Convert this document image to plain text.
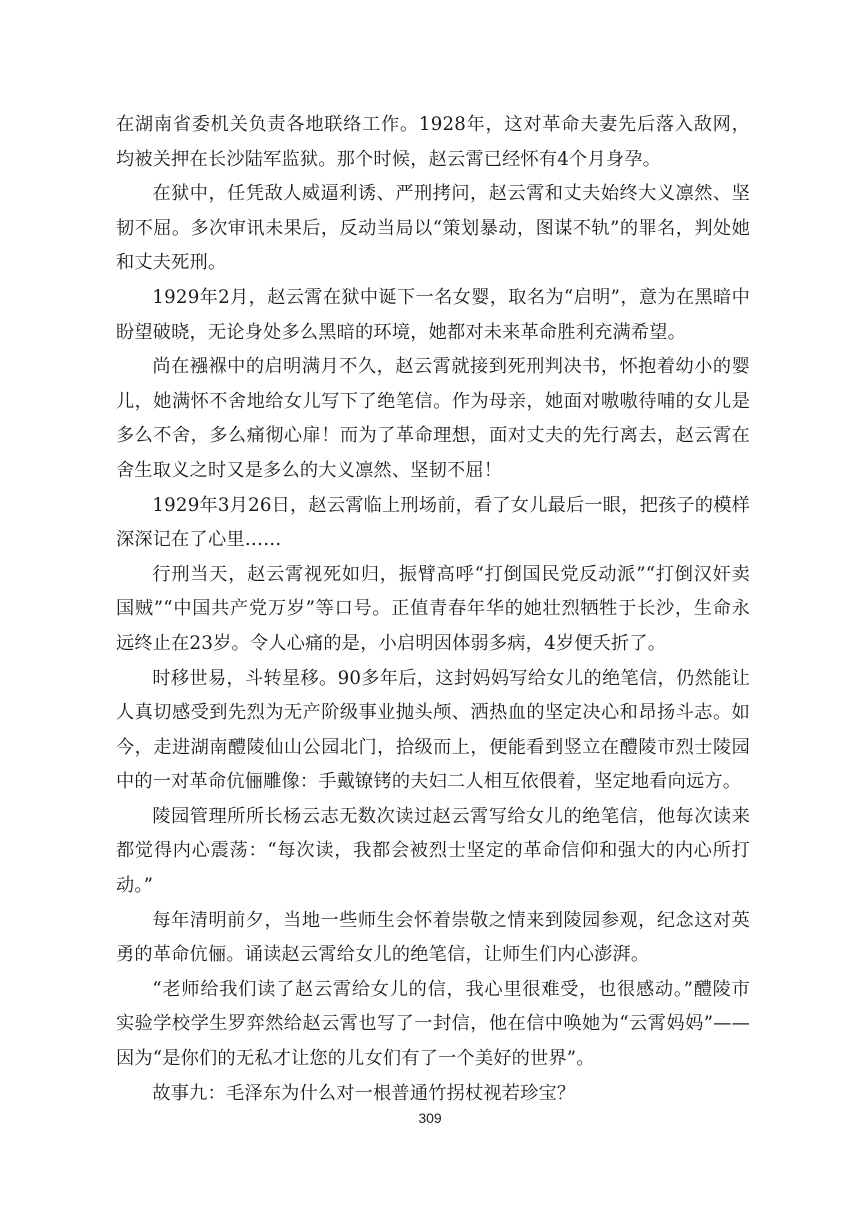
在湖南省委机关负责各地联络工作。1928年，这对革命夫妻先后落入敌网，均被关押在长沙陆军监狱。那个时候，赵云霄已经怀有4个月身孕。

在狱中，任凭敌人威逼利诱、严刑拷问，赵云霄和丈夫始终大义凛然、坚韧不屈。多次审讯未果后，反动当局以“策划暴动，图谋不轨”的罪名，判处她和丈夫死刑。

1929年2月，赵云霄在狱中诞下一名女婴，取名为“启明”，意为在黑暗中盼望破晓，无论身处多么黑暗的环境，她都对未来革命胜利充满希望。

尚在襁褓中的启明满月不久，赵云霄就接到死刑判决书，怀抱着幼小的婴儿，她满怀不舍地给女儿写下了绝笔信。作为母亲，她面对嗷嗷待哺的女儿是多么不舍，多么痛彻心扉！而为了革命理想，面对丈夫的先行离去，赵云霄在舍生取义之时又是多么的大义凛然、坚韧不屈！

1929年3月26日，赵云霄临上刑场前，看了女儿最后一眼，把孩子的模样深深记在了心里……

行刑当天，赵云霄视死如归，振臂高呼“打倒国民党反动派”“打倒汉奸卖国贼”“中国共产党万岁”等口号。正值青春年华的她壮烈牺牲于长沙，生命永远终止在23岁。令人心痛的是，小启明因体弱多病，4岁便夭折了。

时移世易，斗转星移。90多年后，这封妈妈写给女儿的绝笔信，仍然能让人真切感受到先烈为无产阶级事业抛头颅、洒热血的坚定决心和昂扬斗志。如今，走进湖南醴陵仙山公园北门，拾级而上，便能看到竖立在醴陵市烈士陵园中的一对革命伉俪雕像：手戴镣铐的夫妇二人相互依偎着，坚定地看向远方。

陵园管理所所长杨云志无数次读过赵云霄写给女儿的绝笔信，他每次读来都觉得内心震荡：“每次读，我都会被烈士坚定的革命信仰和强大的内心所打动。”

每年清明前夕，当地一些师生会怀着崇敬之情来到陵园参观，纪念这对英勇的革命伉俪。诵读赵云霄给女儿的绝笔信，让师生们内心澎湃。

“老师给我们读了赵云霄给女儿的信，我心里很难受，也很感动。”醴陵市实验学校学生罗弈然给赵云霄也写了一封信，他在信中唤她为“云霄妈妈”——因为“是你们的无私才让您的儿女们有了一个美好的世界”。

故事九：毛泽东为什么对一根普通竹拐杖视若珍宝？

309
